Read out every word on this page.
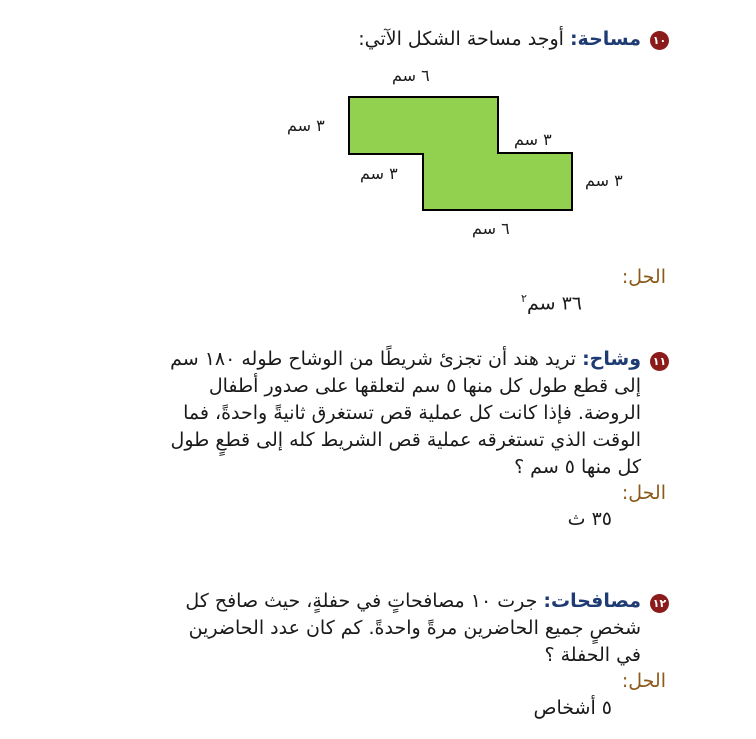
١٠
مساحة: أوجد مساحة الشكل الآتي:
٦ سم
٣ سم
٣ سم
٣ سم	٣ سم
٦ سم
الحل:
٣٦ سم$^٢$
١١
وشاح: تريد هند أن تجزئ شريطًا من الوشاح طوله ١٨٠ سم
إلى قطع طول كل منها ٥ سم لتعلقها على صدور أطفال
الروضة. فإذا كانت كل عملية قص تستغرق ثانيةً واحدةً، فما
الوقت الذي تستغرقه عملية قص الشريط كله إلى قطعٍ طول
كل منها ٥ سم ؟
الحل:
٣٥ ث
١٢
مصافحات: جرت ١٠ مصافحاتٍ في حفلةٍ، حيث صافح كل
شخصٍ جميع الحاضرين مرةً واحدةً. كم كان عدد الحاضرين
في الحفلة ؟
الحل:
٥ أشخاص
